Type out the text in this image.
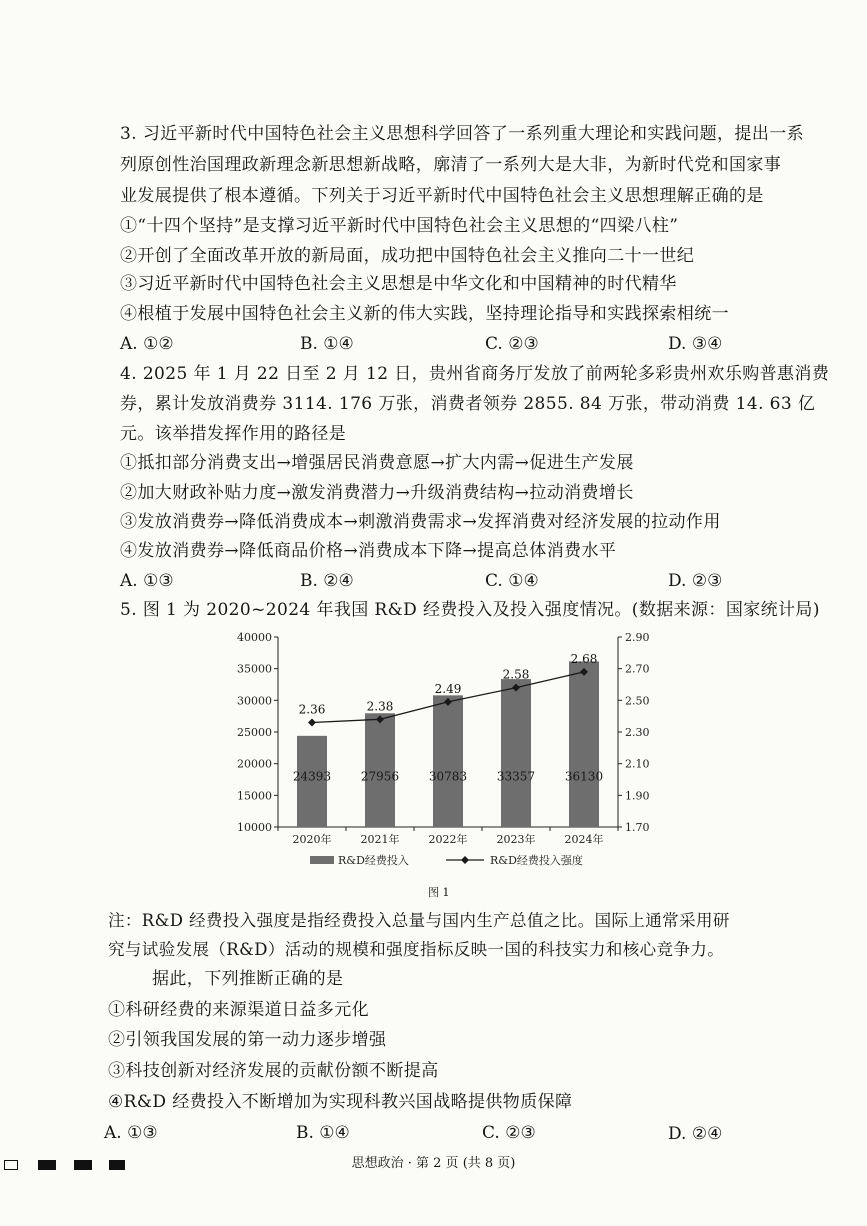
3. 习近平新时代中国特色社会主义思想科学回答了一系列重大理论和实践问题，提出一系
列原创性治国理政新理念新思想新战略，廓清了一系列大是大非，为新时代党和国家事
业发展提供了根本遵循。下列关于习近平新时代中国特色社会主义思想理解正确的是
①“十四个坚持”是支撑习近平新时代中国特色社会主义思想的“四梁八柱”
②开创了全面改革开放的新局面，成功把中国特色社会主义推向二十一世纪
③习近平新时代中国特色社会主义思想是中华文化和中国精神的时代精华
④根植于发展中国特色社会主义新的伟大实践，坚持理论指导和实践探索相统一
A. ①②	B. ①④	C. ②③	D. ③④
4. 2025 年 1 月 22 日至 2 月 12 日，贵州省商务厅发放了前两轮多彩贵州欢乐购普惠消费
券，累计发放消费券 3114. 176 万张，消费者领券 2855. 84 万张，带动消费 14. 63 亿
元。该举措发挥作用的路径是
①抵扣部分消费支出→增强居民消费意愿→扩大内需→促进生产发展
②加大财政补贴力度→激发消费潜力→升级消费结构→拉动消费增长
③发放消费券→降低消费成本→刺激消费需求→发挥消费对经济发展的拉动作用
④发放消费券→降低商品价格→消费成本下降→提高总体消费水平
A. ①③	B. ②④	C. ①④	D. ②③
5. 图 1 为 2020~2024 年我国 R&D 经费投入及投入强度情况。(数据来源：国家统计局)
10000
15000
20000
25000
30000
35000
40000
1.70
1.90
2.10
2.30
2.50
2.70
2.90
2020年	2021年	2022年	2023年	2024年
24393 27956 30783 33357 36130
2.36	2.38
2.49
2.58
2.68
R&D经费投入	R&D经费投入强度
图 1
注：R&D 经费投入强度是指经费投入总量与国内生产总值之比。国际上通常采用研
究与试验发展（R&D）活动的规模和强度指标反映一国的科技实力和核心竞争力。
据此，下列推断正确的是
①科研经费的来源渠道日益多元化
②引领我国发展的第一动力逐步增强
③科技创新对经济发展的贡献份额不断提高
④R&D 经费投入不断增加为实现科教兴国战略提供物质保障
A. ①③	B. ①④	C. ②③	D. ②④
思想政治 · 第 2 页 (共 8 页)
